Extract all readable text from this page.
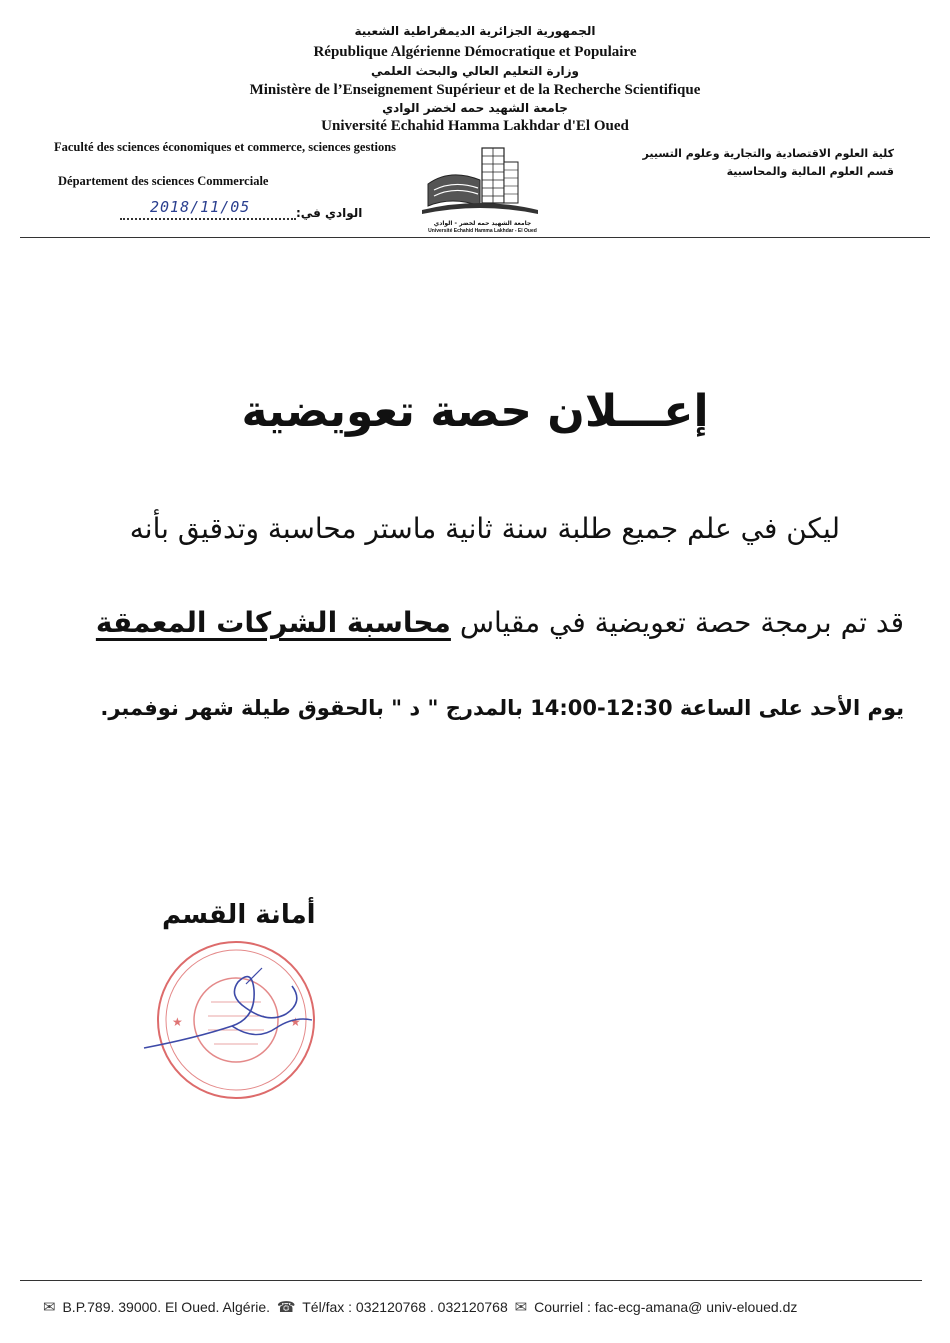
الجمهورية الجزائرية الديمقراطية الشعبية
République Algérienne Démocratique et Populaire
وزارة التعليم العالي والبحث العلمي
Ministère de l’Enseignement Supérieur et de la Recherche Scientifique
جامعة الشهيد حمه لخضر الوادي
Université Echahid Hamma Lakhdar d'El Oued
Faculté des sciences économiques et commerce, sciences gestions
Département des sciences Commerciale
كلية العلوم الاقتصادية والتجارية وعلوم التسيير
قسم العلوم المالية والمحاسبية
جامعة الشهيد حمه لخضر - الوادي
Université Echahid Hamma Lakhdar - El Oued
الوادي في:
2018/11/05
إعـــلان حصة تعويضية
ليكن في علم جميع طلبة سنة ثانية ماستر محاسبة وتدقيق بأنه
قد تم برمجة حصة تعويضية في مقياس محاسبة الشركات المعمقة
يوم الأحد على الساعة 12:30-14:00 بالمدرج " د " بالحقوق طيلة شهر نوفمبر.
أمانة القسم
★	★
✉ B.P.789. 39000. El Oued. Algérie. ☎ Tél/fax : 032120768 . 032120768 ✉ Courriel : fac-ecg-amana@ univ-eloued.dz
